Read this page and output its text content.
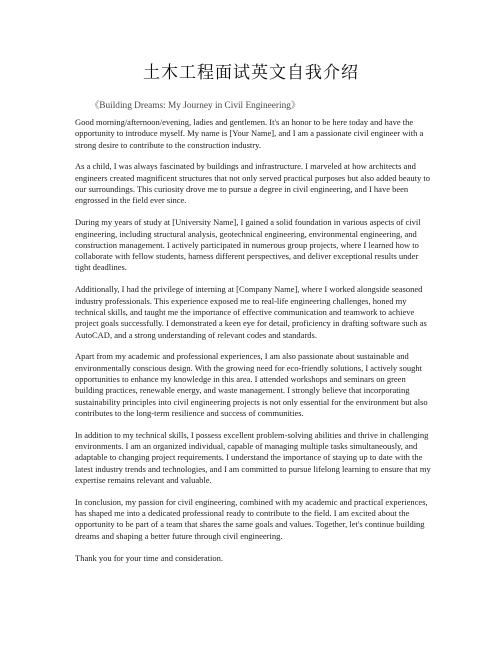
土木工程面试英文自我介绍
《Building Dreams: My Journey in Civil Engineering》

Good morning/afternoon/evening, ladies and gentlemen. It's an honor to be here today and have the opportunity to introduce myself. My name is [Your Name], and I am a passionate civil engineer with a strong desire to contribute to the construction industry.

As a child, I was always fascinated by buildings and infrastructure. I marveled at how architects and engineers created magnificent structures that not only served practical purposes but also added beauty to our surroundings. This curiosity drove me to pursue a degree in civil engineering, and I have been engrossed in the field ever since.

During my years of study at [University Name], I gained a solid foundation in various aspects of civil engineering, including structural analysis, geotechnical engineering, environmental engineering, and construction management. I actively participated in numerous group projects, where I learned how to collaborate with fellow students, harness different perspectives, and deliver exceptional results under tight deadlines.

Additionally, I had the privilege of interning at [Company Name], where I worked alongside seasoned industry professionals. This experience exposed me to real-life engineering challenges, honed my technical skills, and taught me the importance of effective communication and teamwork to achieve project goals successfully. I demonstrated a keen eye for detail, proficiency in drafting software such as AutoCAD, and a strong understanding of relevant codes and standards.

Apart from my academic and professional experiences, I am also passionate about sustainable and environmentally conscious design. With the growing need for eco-friendly solutions, I actively sought opportunities to enhance my knowledge in this area. I attended workshops and seminars on green building practices, renewable energy, and waste management. I strongly believe that incorporating sustainability principles into civil engineering projects is not only essential for the environment but also contributes to the long-term resilience and success of communities.

In addition to my technical skills, I possess excellent problem-solving abilities and thrive in challenging environments. I am an organized individual, capable of managing multiple tasks simultaneously, and adaptable to changing project requirements. I understand the importance of staying up to date with the latest industry trends and technologies, and I am committed to pursue lifelong learning to ensure that my expertise remains relevant and valuable.

In conclusion, my passion for civil engineering, combined with my academic and practical experiences, has shaped me into a dedicated professional ready to contribute to the field. I am excited about the opportunity to be part of a team that shares the same goals and values. Together, let's continue building dreams and shaping a better future through civil engineering.

Thank you for your time and consideration.
